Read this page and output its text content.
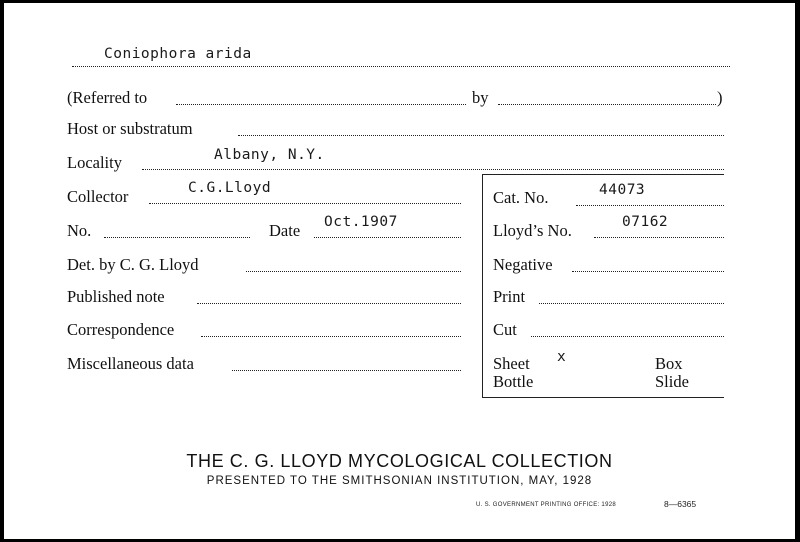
Coniophora arida
(Referred to	by	)
Host or substratum
Locality	Albany, N.Y.
Collector	C.G.Lloyd	Cat. No.	44073
No.	Date Oct.1907	Lloyd’s No.	07162
Det. by C. G. Lloyd	Negative
Published note	Print
Correspondence	Cut
Miscellaneous data	Sheet x	Box
Bottle	Slide
THE C. G. LLOYD MYCOLOGICAL COLLECTION
PRESENTED TO THE SMITHSONIAN INSTITUTION, MAY, 1928
U. S. GOVERNMENT PRINTING OFFICE: 1928	8—6365
